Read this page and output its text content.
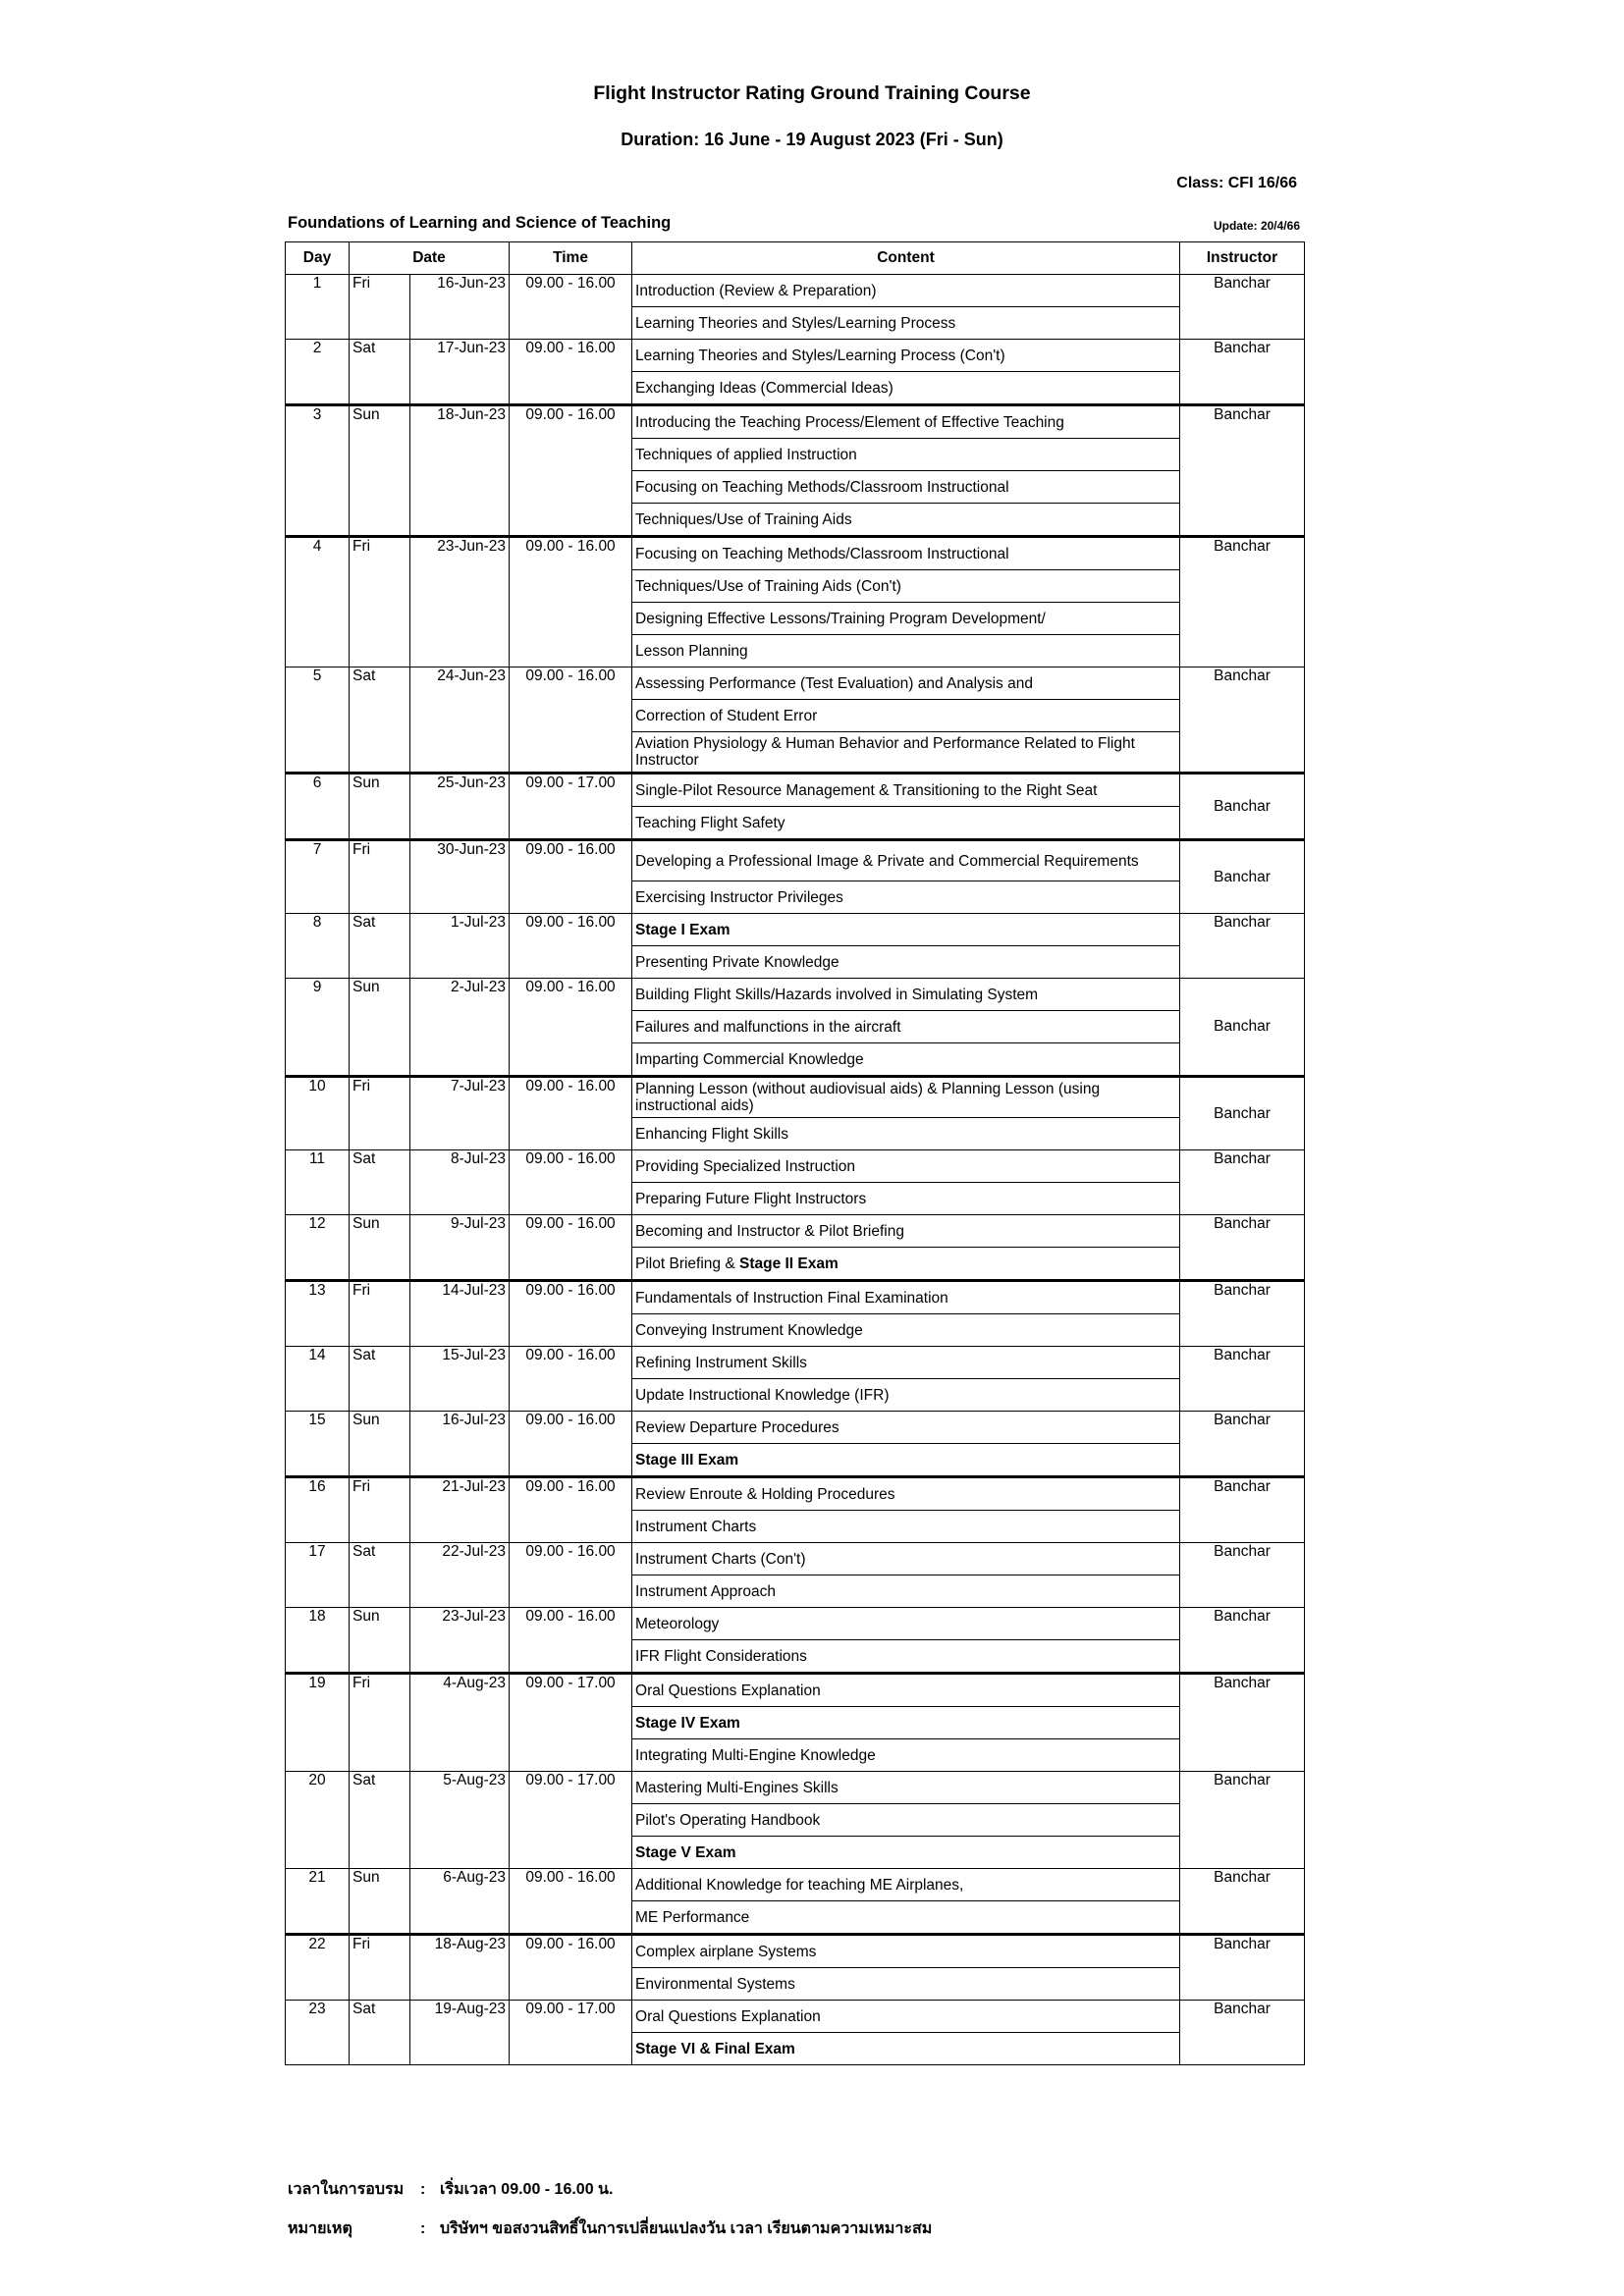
Flight Instructor Rating Ground Training Course
Duration: 16 June - 19 August 2023 (Fri - Sun)
Class: CFI 16/66
Foundations of Learning and Science of Teaching	Update: 20/4/66
Day	Date		Time	Content	Instructor
1	Fri	16-Jun-23	09.00 - 16.00	Introduction (Review & Preparation)	Banchar
				Learning Theories and Styles/Learning Process	
2	Sat	17-Jun-23	09.00 - 16.00	Learning Theories and Styles/Learning Process (Con't)	Banchar
				Exchanging Ideas (Commercial Ideas)	
3	Sun	18-Jun-23	09.00 - 16.00	Introducing the Teaching Process/Element of Effective Teaching	Banchar
				Techniques of applied Instruction	
				Focusing on Teaching Methods/Classroom Instructional	
				Techniques/Use of Training Aids	
4	Fri	23-Jun-23	09.00 - 16.00	Focusing on Teaching Methods/Classroom Instructional	Banchar
				Techniques/Use of Training Aids (Con't)	
				Designing Effective Lessons/Training Program Development/	
				Lesson Planning	
5	Sat	24-Jun-23	09.00 - 16.00	Assessing Performance (Test Evaluation) and Analysis and	Banchar
				Correction of Student Error	
				Aviation Physiology & Human Behavior and Performance Related to Flight Instructor	
6	Sun	25-Jun-23	09.00 - 17.00	Single-Pilot Resource Management & Transitioning to the Right Seat	Banchar
				Teaching Flight Safety	
7	Fri	30-Jun-23	09.00 - 16.00	Developing a Professional Image & Private and Commercial Requirements	Banchar
				Exercising Instructor Privileges	
8	Sat	1-Jul-23	09.00 - 16.00	Stage I Exam	Banchar
				Presenting Private Knowledge	
9	Sun	2-Jul-23	09.00 - 16.00	Building Flight Skills/Hazards involved in Simulating System	Banchar
				Failures and malfunctions in the aircraft	
				Imparting Commercial Knowledge	
10	Fri	7-Jul-23	09.00 - 16.00	Planning Lesson (without audiovisual aids) & Planning Lesson (using instructional aids)	Banchar
				Enhancing Flight Skills	
11	Sat	8-Jul-23	09.00 - 16.00	Providing Specialized Instruction	Banchar
				Preparing Future Flight Instructors	
12	Sun	9-Jul-23	09.00 - 16.00	Becoming and Instructor & Pilot Briefing	Banchar
				Pilot Briefing & Stage II Exam	
13	Fri	14-Jul-23	09.00 - 16.00	Fundamentals of Instruction Final Examination	Banchar
				Conveying Instrument Knowledge	
14	Sat	15-Jul-23	09.00 - 16.00	Refining Instrument Skills	Banchar
				Update Instructional Knowledge (IFR)	
15	Sun	16-Jul-23	09.00 - 16.00	Review Departure Procedures	Banchar
				Stage III Exam	
16	Fri	21-Jul-23	09.00 - 16.00	Review Enroute & Holding Procedures	Banchar
				Instrument Charts	
17	Sat	22-Jul-23	09.00 - 16.00	Instrument Charts (Con't)	Banchar
				Instrument Approach	
18	Sun	23-Jul-23	09.00 - 16.00	Meteorology	Banchar
				IFR Flight Considerations	
19	Fri	4-Aug-23	09.00 - 17.00	Oral Questions Explanation	Banchar
				Stage IV Exam	
				Integrating Multi-Engine Knowledge	
20	Sat	5-Aug-23	09.00 - 17.00	Mastering Multi-Engines Skills	Banchar
				Pilot's Operating Handbook	
				Stage V Exam	
21	Sun	6-Aug-23	09.00 - 16.00	Additional Knowledge for teaching ME Airplanes,	Banchar
				ME Performance	
22	Fri	18-Aug-23	09.00 - 16.00	Complex airplane Systems	Banchar
				Environmental Systems	
23	Sat	19-Aug-23	09.00 - 17.00	Oral Questions Explanation	Banchar
				Stage VI & Final Exam	
เวลาในการอบรม : เริ่มเวลา 09.00 - 16.00 น.
หมายเหตุ	: บริษัทฯ ขอสงวนสิทธิ์ในการเปลี่ยนแปลงวัน เวลา เรียนตามความเหมาะสม
